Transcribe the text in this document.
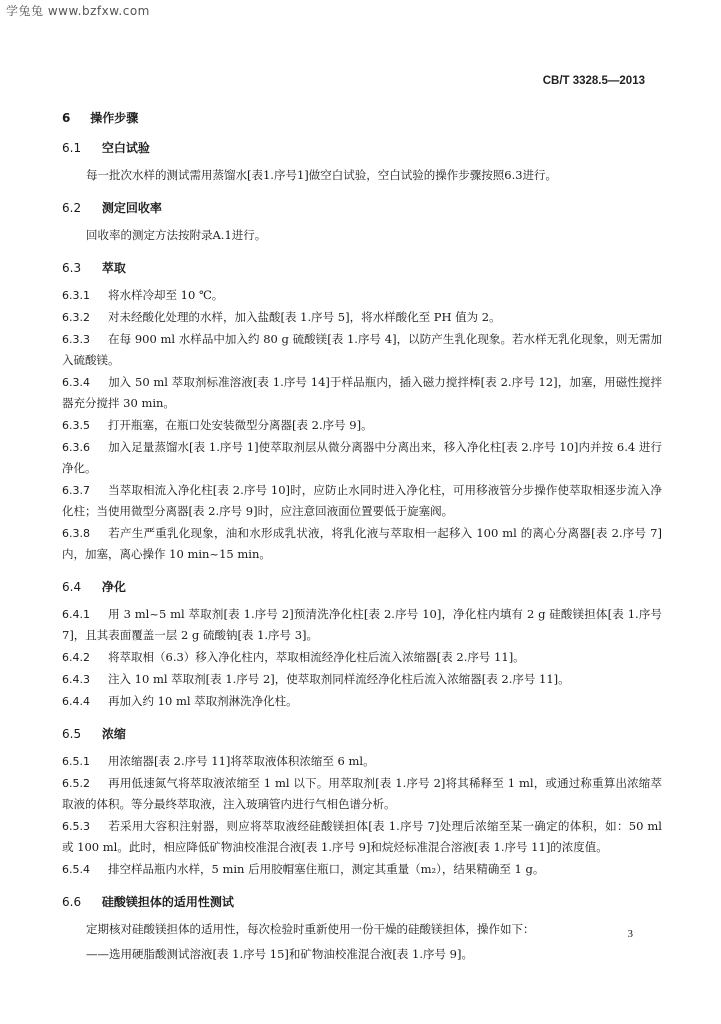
学兔兔 www.bzfxw.com
CB/T 3328.5—2013
6 操作步骤
6.1 空白试验

每一批次水样的测试需用蒸馏水[表1.序号1]做空白试验，空白试验的操作步骤按照6.3进行。

6.2 测定回收率

回收率的测定方法按附录A.1进行。

6.3 萃取

6.3.1 将水样冷却至 10 ℃。

6.3.2 对未经酸化处理的水样，加入盐酸[表 1.序号 5]，将水样酸化至 PH 值为 2。

6.3.3 在每 900 ml 水样品中加入约 80 g 硫酸镁[表 1.序号 4]，以防产生乳化现象。若水样无乳化现象，则无需加入硫酸镁。

6.3.4 加入 50 ml 萃取剂标准溶液[表 1.序号 14]于样品瓶内，插入磁力搅拌棒[表 2.序号 12]，加塞，用磁性搅拌器充分搅拌 30 min。

6.3.5 打开瓶塞，在瓶口处安装微型分离器[表 2.序号 9]。

6.3.6 加入足量蒸馏水[表 1.序号 1]使萃取剂层从微分离器中分离出来，移入净化柱[表 2.序号 10]内并按 6.4 进行净化。

6.3.7 当萃取相流入净化柱[表 2.序号 10]时，应防止水同时进入净化柱，可用移液管分步操作使萃取相逐步流入净化柱；当使用微型分离器[表 2.序号 9]时，应注意回液面位置要低于旋塞阀。

6.3.8 若产生严重乳化现象，油和水形成乳状液，将乳化液与萃取相一起移入 100 ml 的离心分离器[表 2.序号 7]内，加塞，离心操作 10 min~15 min。

6.4 净化

6.4.1 用 3 ml~5 ml 萃取剂[表 1.序号 2]预清洗净化柱[表 2.序号 10]，净化柱内填有 2 g 硅酸镁担体[表 1.序号 7]，且其表面覆盖一层 2 g 硫酸钠[表 1.序号 3]。

6.4.2 将萃取相（6.3）移入净化柱内，萃取相流经净化柱后流入浓缩器[表 2.序号 11]。

6.4.3 注入 10 ml 萃取剂[表 1.序号 2]，使萃取剂同样流经净化柱后流入浓缩器[表 2.序号 11]。

6.4.4 再加入约 10 ml 萃取剂淋洗净化柱。

6.5 浓缩

6.5.1 用浓缩器[表 2.序号 11]将萃取液体积浓缩至 6 ml。

6.5.2 再用低速氮气将萃取液浓缩至 1 ml 以下。用萃取剂[表 1.序号 2]将其稀释至 1 ml，或通过称重算出浓缩萃取液的体积。等分最终萃取液，注入玻璃管内进行气相色谱分析。

6.5.3 若采用大容积注射器，则应将萃取液经硅酸镁担体[表 1.序号 7]处理后浓缩至某一确定的体积，如：50 ml 或 100 ml。此时，相应降低矿物油校准混合液[表 1.序号 9]和烷烃标准混合溶液[表 1.序号 11]的浓度值。

6.5.4 排空样品瓶内水样，5 min 后用胶帽塞住瓶口，测定其重量（m₂），结果精确至 1 g。

6.6 硅酸镁担体的适用性测试

定期核对硅酸镁担体的适用性，每次检验时重新使用一份干燥的硅酸镁担体，操作如下：

——选用硬脂酸测试溶液[表 1.序号 15]和矿物油校准混合液[表 1.序号 9]。

3
